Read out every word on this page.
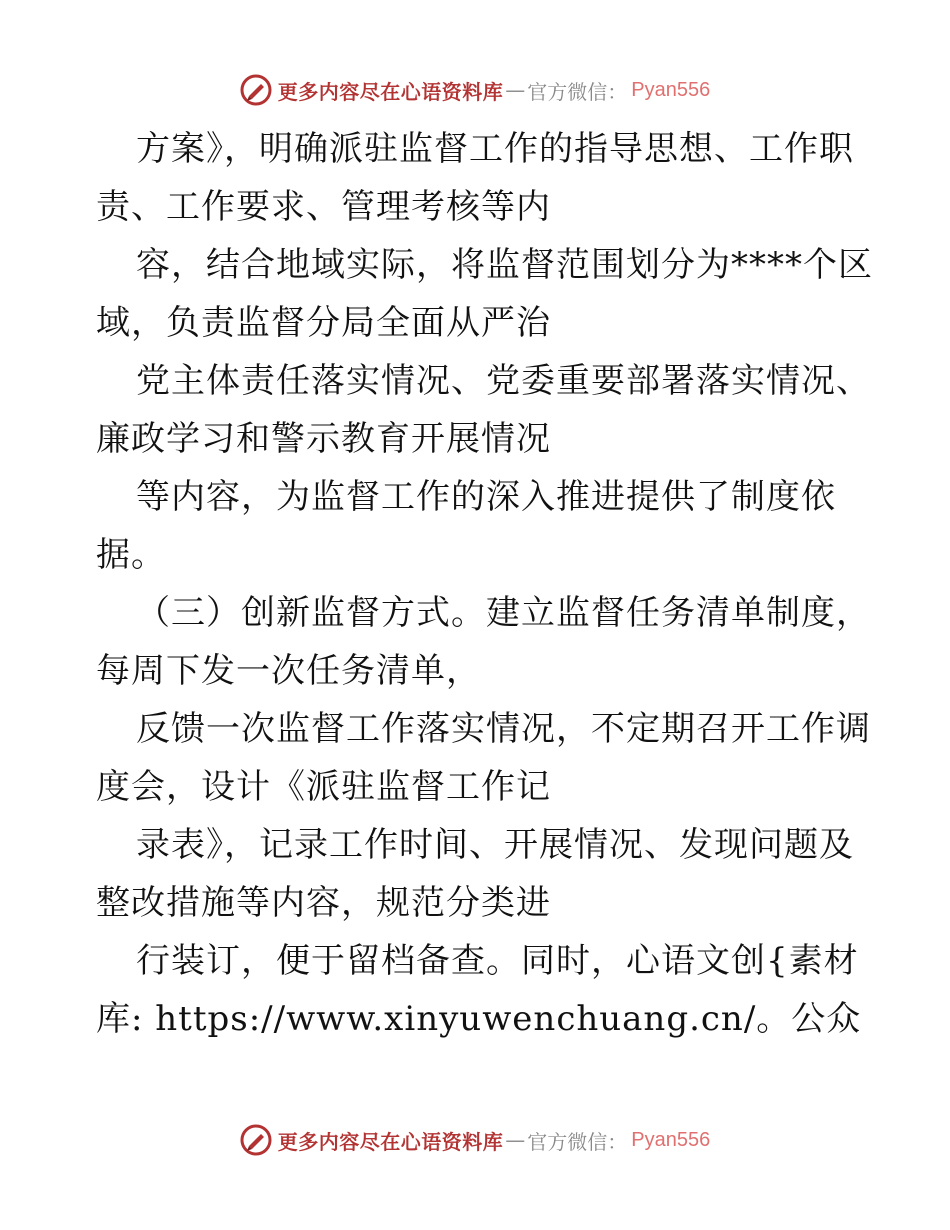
更多内容尽在心语资料库 — 官方微信： Pyan556
方案》，明确派驻监督工作的指导思想、工作职
责、工作要求、管理考核等内
容，结合地域实际，将监督范围划分为****个区
域，负责监督分局全面从严治
党主体责任落实情况、党委重要部署落实情况、
廉政学习和警示教育开展情况
等内容，为监督工作的深入推进提供了制度依
据。
（三）创新监督方式。建立监督任务清单制度，
每周下发一次任务清单，
反馈一次监督工作落实情况，不定期召开工作调
度会，设计《派驻监督工作记
录表》，记录工作时间、开展情况、发现问题及
整改措施等内容，规范分类进
行装订，便于留档备查。同时，心语文创{素材
库: https://www.xinyuwenchuang.cn/。公众
更多内容尽在心语资料库 — 官方微信： Pyan556
